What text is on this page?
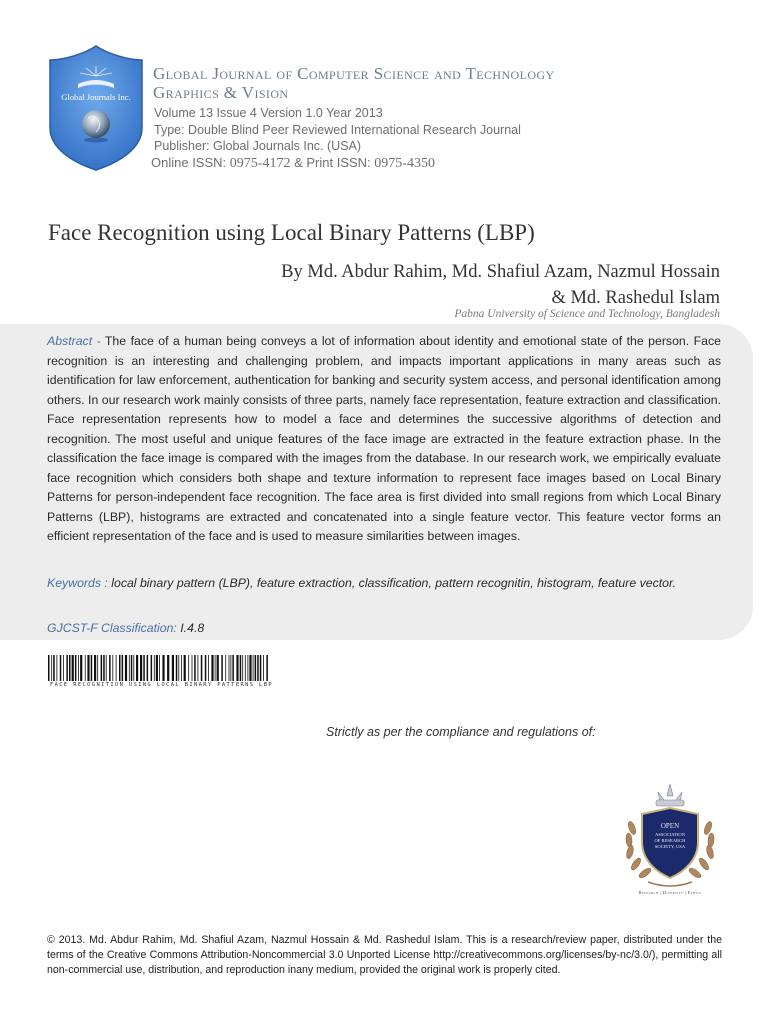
Global Journals Inc.
Global Journal of Computer Science and Technology
Graphics & Vision
Volume 13 Issue 4 Version 1.0 Year 2013
Type: Double Blind Peer Reviewed International Research Journal
Publisher: Global Journals Inc. (USA)
Online ISSN: 0975-4172 & Print ISSN: 0975-4350
Face Recognition using Local Binary Patterns (LBP)
By Md. Abdur Rahim, Md. Shafiul Azam, Nazmul Hossain
& Md. Rashedul Islam
Pabna University of Science and Technology, Bangladesh
Abstract - The face of a human being conveys a lot of information about identity and emotional state of the person. Face recognition is an interesting and challenging problem, and impacts important applications in many areas such as identification for law enforcement, authentication for banking and security system access, and personal identification among others. In our research work mainly consists of three parts, namely face representation, feature extraction and classification. Face representation represents how to model a face and determines the successive algorithms of detection and recognition. The most useful and unique features of the face image are extracted in the feature extraction phase. In the classification the face image is compared with the images from the database. In our research work, we empirically evaluate face recognition which considers both shape and texture information to represent face images based on Local Binary Patterns for person-independent face recognition. The face area is first divided into small regions from which Local Binary Patterns (LBP), histograms are extracted and concatenated into a single feature vector. This feature vector forms an efficient representation of the face and is used to measure similarities between images.
Keywords : local binary pattern (LBP), feature extraction, classification, pattern recognitin, histogram, feature vector.
GJCST-F Classification: I.4.8
FACE RECOGNITION USING LOCAL BINARY PATTERNS LBP
Strictly as per the compliance and regulations of:
OPEN
ASSOCIATION
OF RESEARCH
SOCIETY, USA
Research | Diversity | Ethics
© 2013. Md. Abdur Rahim, Md. Shafiul Azam, Nazmul Hossain & Md. Rashedul Islam. This is a research/review paper, distributed under the terms of the Creative Commons Attribution-Noncommercial 3.0 Unported License http://creativecommons.org/licenses/by-nc/3.0/), permitting all non-commercial use, distribution, and reproduction inany medium, provided the original work is properly cited.
